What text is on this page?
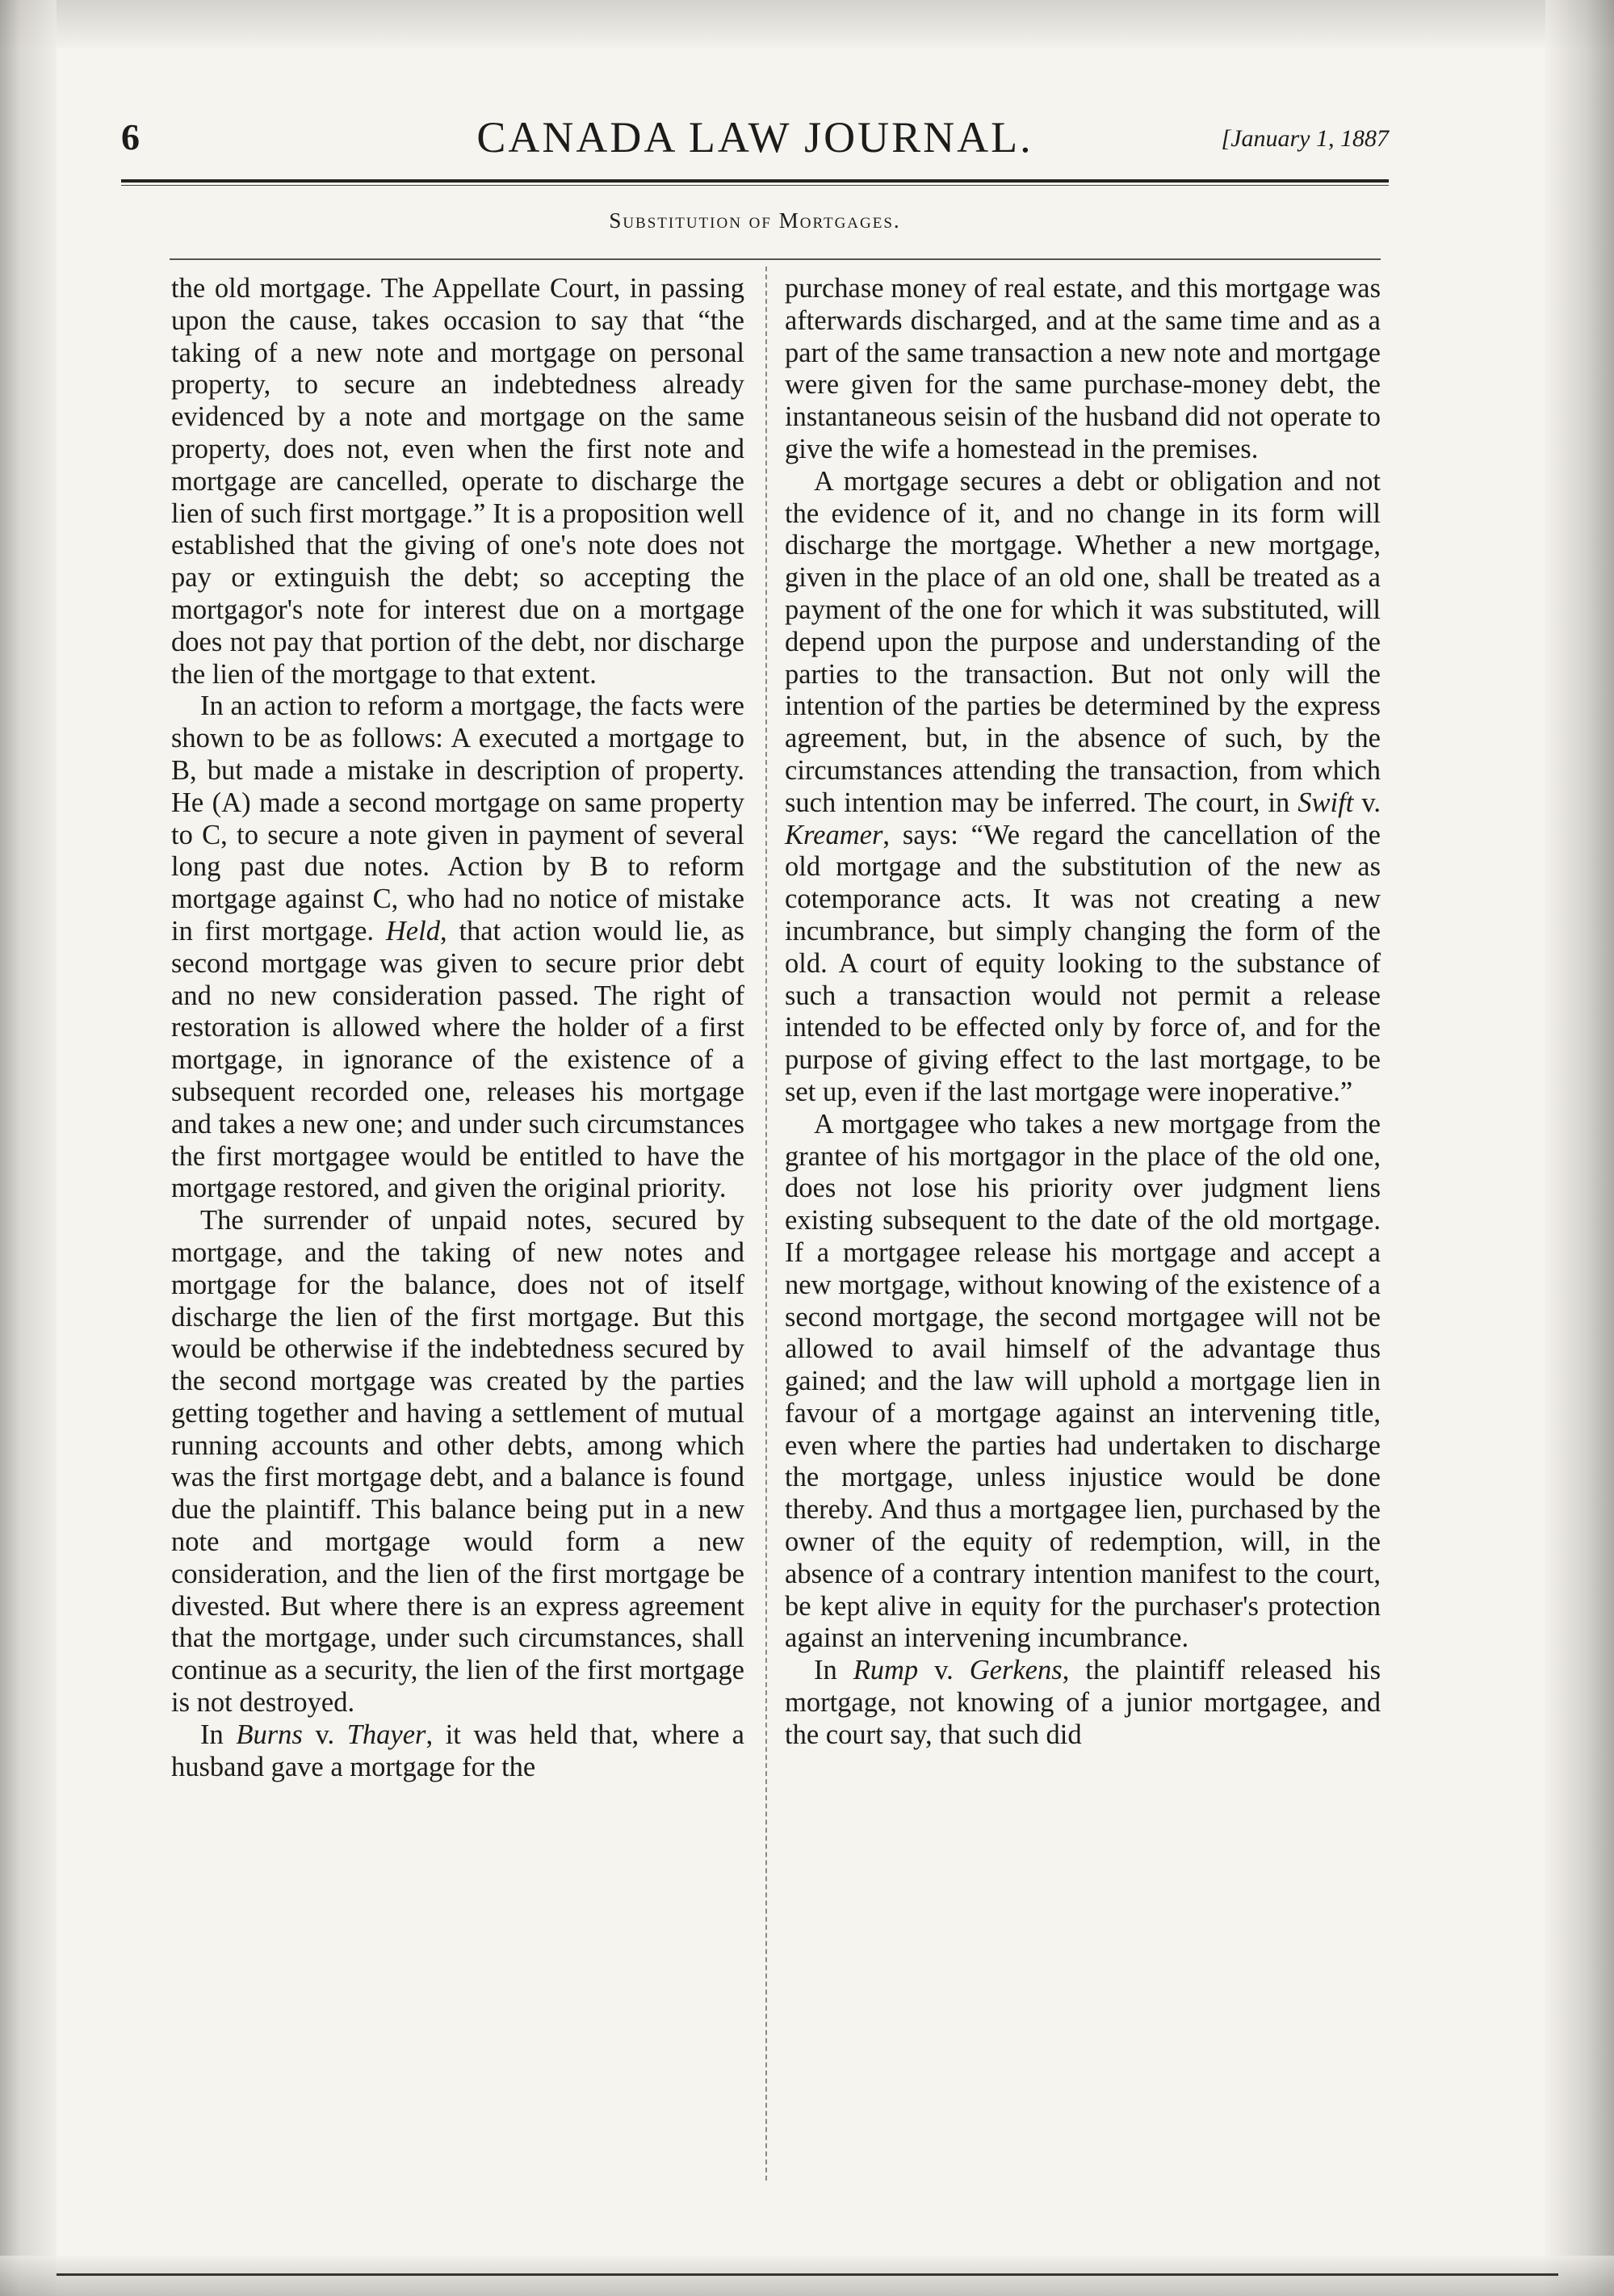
6	CANADA LAW JOURNAL.	[January 1, 1887
Substitution of Mortgages.

the old mortgage. The Appellate Court, in passing upon the cause, takes occasion to say that “the taking of a new note and mortgage on personal property, to secure an indebtedness already evidenced by a note and mortgage on the same property, does not, even when the first note and mortgage are cancelled, operate to discharge the lien of such first mortgage.” It is a proposition well established that the giving of one's note does not pay or extinguish the debt; so accepting the mortgagor's note for interest due on a mortgage does not pay that portion of the debt, nor discharge the lien of the mortgage to that extent.

In an action to reform a mortgage, the facts were shown to be as follows: A executed a mortgage to B, but made a mistake in description of property. He (A) made a second mortgage on same property to C, to secure a note given in payment of several long past due notes. Action by B to reform mortgage against C, who had no notice of mistake in first mortgage. Held, that action would lie, as second mortgage was given to secure prior debt and no new consideration passed. The right of restoration is allowed where the holder of a first mortgage, in ignorance of the existence of a subsequent recorded one, releases his mortgage and takes a new one; and under such circumstances the first mortgagee would be entitled to have the mortgage restored, and given the original priority.

The surrender of unpaid notes, secured by mortgage, and the taking of new notes and mortgage for the balance, does not of itself discharge the lien of the first mortgage. But this would be otherwise if the indebtedness secured by the second mortgage was created by the parties getting together and having a settlement of mutual running accounts and other debts, among which was the first mortgage debt, and a balance is found due the plaintiff. This balance being put in a new note and mortgage would form a new consideration, and the lien of the first mortgage be divested. But where there is an express agreement that the mortgage, under such circumstances, shall continue as a security, the lien of the first mortgage is not destroyed.

In Burns v. Thayer, it was held that, where a husband gave a mortgage for the

purchase money of real estate, and this mortgage was afterwards discharged, and at the same time and as a part of the same transaction a new note and mortgage were given for the same purchase-money debt, the instantaneous seisin of the husband did not operate to give the wife a homestead in the premises.

A mortgage secures a debt or obligation and not the evidence of it, and no change in its form will discharge the mortgage. Whether a new mortgage, given in the place of an old one, shall be treated as a payment of the one for which it was substituted, will depend upon the purpose and understanding of the parties to the transaction. But not only will the intention of the parties be determined by the express agreement, but, in the absence of such, by the circumstances attending the transaction, from which such intention may be inferred. The court, in Swift v. Kreamer, says: “We regard the cancellation of the old mortgage and the substitution of the new as cotemporance acts. It was not creating a new incumbrance, but simply changing the form of the old. A court of equity looking to the substance of such a transaction would not permit a release intended to be effected only by force of, and for the purpose of giving effect to the last mortgage, to be set up, even if the last mortgage were inoperative.”

A mortgagee who takes a new mortgage from the grantee of his mortgagor in the place of the old one, does not lose his priority over judgment liens existing subsequent to the date of the old mortgage. If a mortgagee release his mortgage and accept a new mortgage, without knowing of the existence of a second mortgage, the second mortgagee will not be allowed to avail himself of the advantage thus gained; and the law will uphold a mortgage lien in favour of a mortgage against an intervening title, even where the parties had undertaken to discharge the mortgage, unless injustice would be done thereby. And thus a mortgagee lien, purchased by the owner of the equity of redemption, will, in the absence of a contrary intention manifest to the court, be kept alive in equity for the purchaser's protection against an intervening incumbrance.

In Rump v. Gerkens, the plaintiff released his mortgage, not knowing of a junior mortgagee, and the court say, that such did
